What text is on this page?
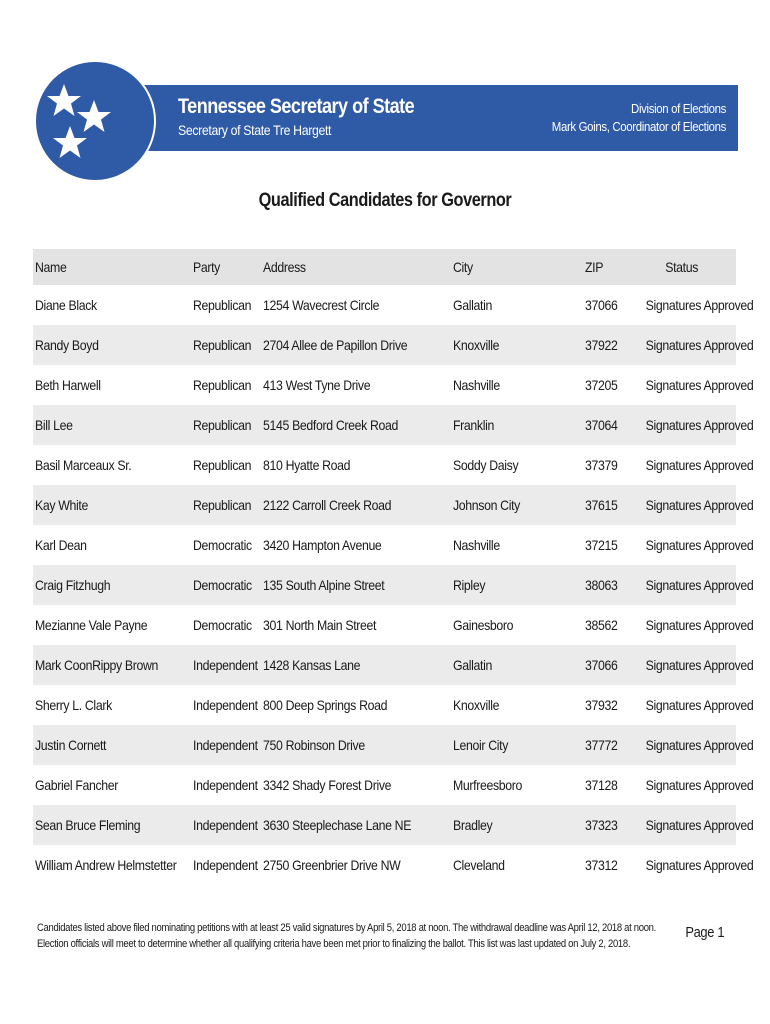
Tennessee Secretary of State
Secretary of State Tre Hargett
Division of Elections
Mark Goins, Coordinator of Elections
Qualified Candidates for Governor
Name	Party	Address	City	ZIP	Status
Diane Black	Republican	1254 Wavecrest Circle	Gallatin	37066	Signatures Approved
Randy Boyd	Republican	2704 Allee de Papillon Drive	Knoxville	37922	Signatures Approved
Beth Harwell	Republican	413 West Tyne Drive	Nashville	37205	Signatures Approved
Bill Lee	Republican	5145 Bedford Creek Road	Franklin	37064	Signatures Approved
Basil Marceaux Sr.	Republican	810 Hyatte Road	Soddy Daisy	37379	Signatures Approved
Kay White	Republican	2122 Carroll Creek Road	Johnson City	37615	Signatures Approved
Karl Dean	Democratic	3420 Hampton Avenue	Nashville	37215	Signatures Approved
Craig Fitzhugh	Democratic	135 South Alpine Street	Ripley	38063	Signatures Approved
Mezianne Vale Payne	Democratic	301 North Main Street	Gainesboro	38562	Signatures Approved
Mark CoonRippy Brown	Independent	1428 Kansas Lane	Gallatin	37066	Signatures Approved
Sherry L. Clark	Independent	800 Deep Springs Road	Knoxville	37932	Signatures Approved
Justin Cornett	Independent	750 Robinson Drive	Lenoir City	37772	Signatures Approved
Gabriel Fancher	Independent	3342 Shady Forest Drive	Murfreesboro	37128	Signatures Approved
Sean Bruce Fleming	Independent	3630 Steeplechase Lane NE	Bradley	37323	Signatures Approved
William Andrew Helmstetter	Independent	2750 Greenbrier Drive NW	Cleveland	37312	Signatures Approved
Candidates listed above filed nominating petitions with at least 25 valid signatures by April 5, 2018 at noon. The withdrawal deadline was April 12, 2018 at noon.
Election officials will meet to determine whether all qualifying criteria have been met prior to finalizing the ballot. This list was last updated on July 2, 2018.
Page 1
